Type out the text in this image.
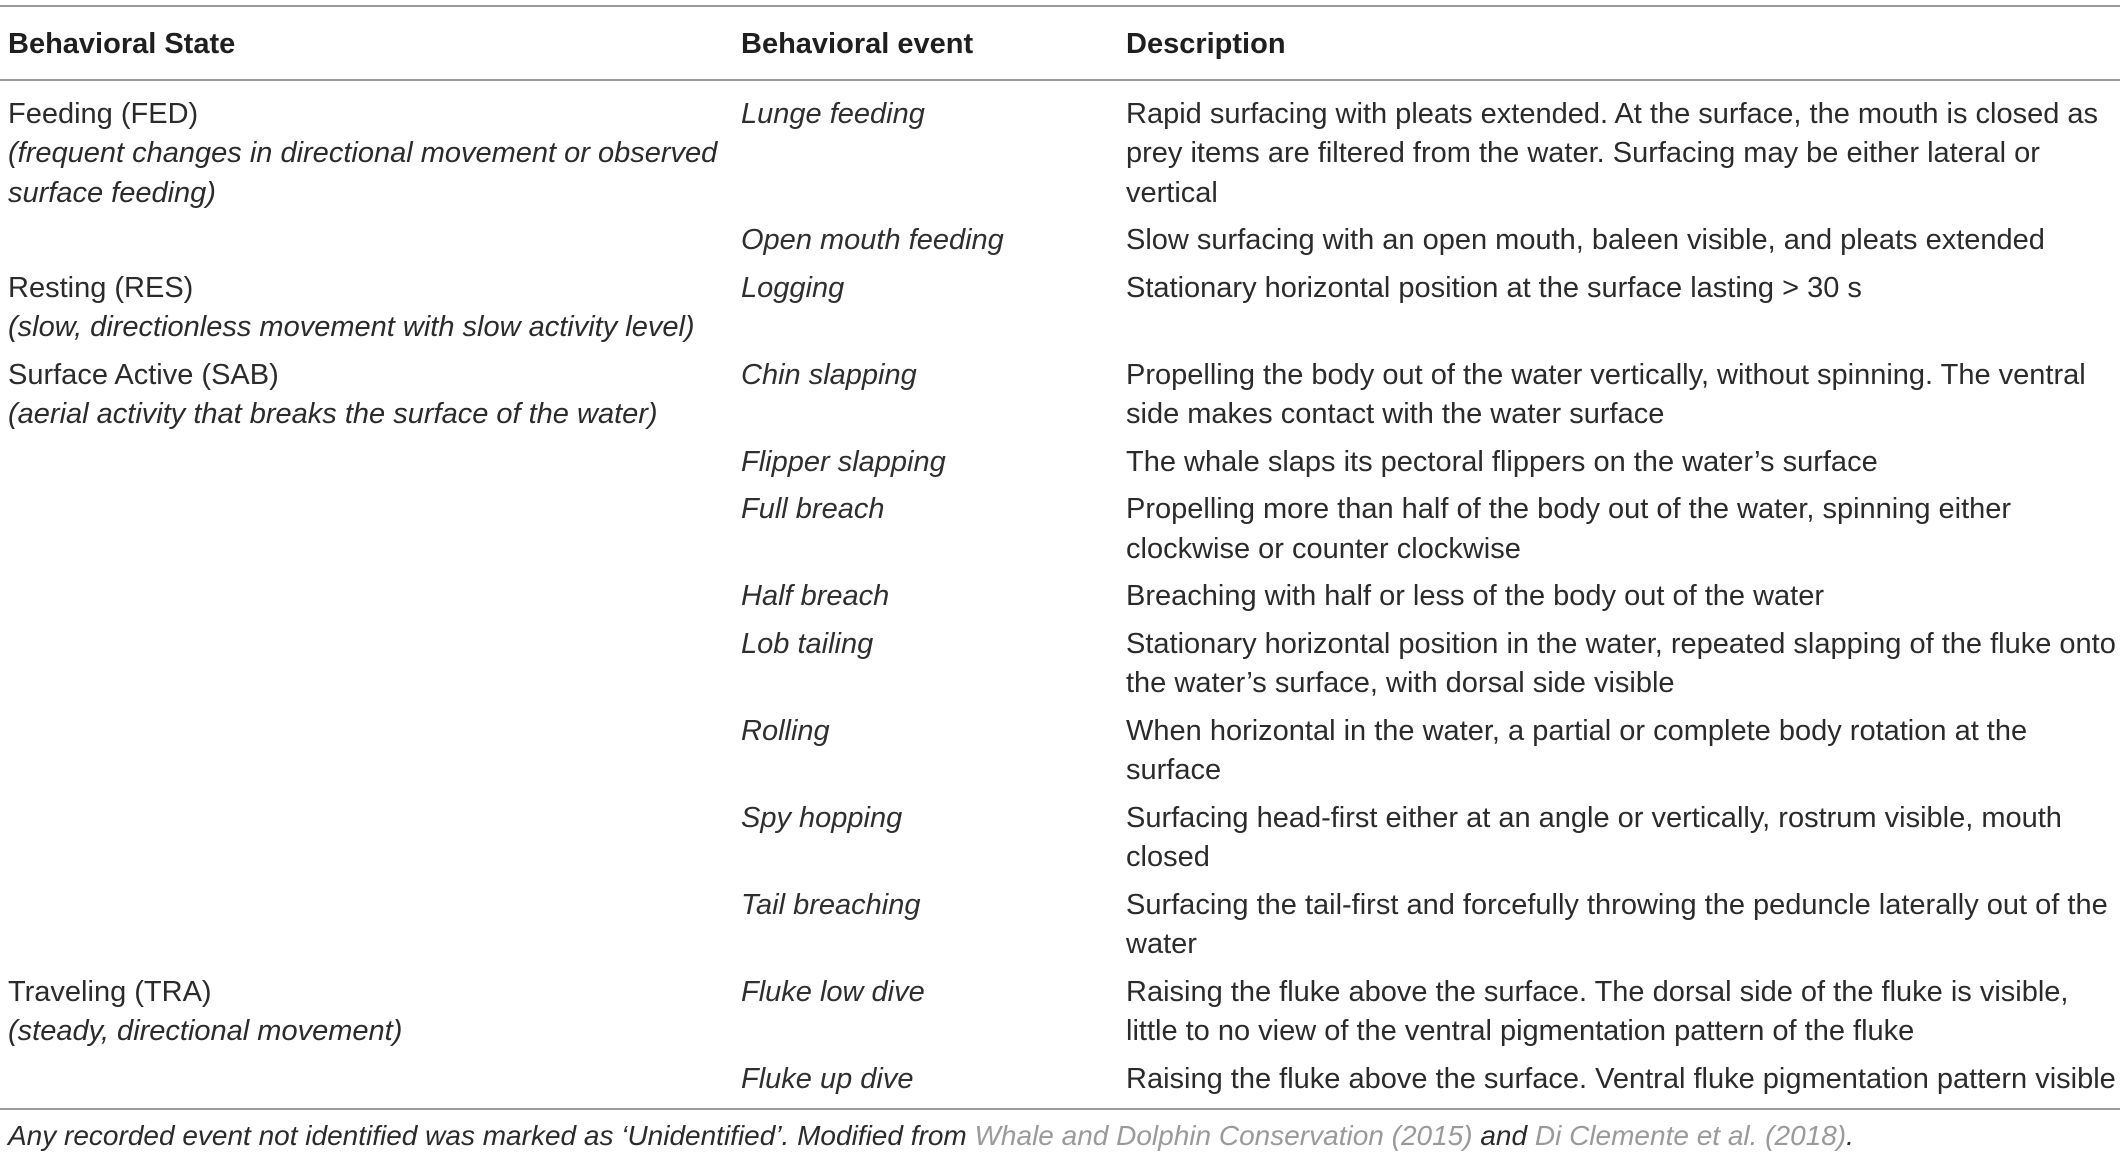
Behavioral State	Behavioral event	Description

Feeding (FED)
(frequent changes in directional movement or observed surface feeding)	Lunge feeding	Rapid surfacing with pleats extended. At the surface, the mouth is closed as prey items are filtered from the water. Surfacing may be either lateral or vertical
	Open mouth feeding	Slow surfacing with an open mouth, baleen visible, and pleats extended

Resting (RES)
(slow, directionless movement with slow activity level)	Logging	Stationary horizontal position at the surface lasting > 30 s

Surface Active (SAB)
(aerial activity that breaks the surface of the water)	Chin slapping	Propelling the body out of the water vertically, without spinning. The ventral side makes contact with the water surface
	Flipper slapping	The whale slaps its pectoral flippers on the water’s surface
	Full breach	Propelling more than half of the body out of the water, spinning either clockwise or counter clockwise
	Half breach	Breaching with half or less of the body out of the water
	Lob tailing	Stationary horizontal position in the water, repeated slapping of the fluke onto the water’s surface, with dorsal side visible
	Rolling	When horizontal in the water, a partial or complete body rotation at the surface
	Spy hopping	Surfacing head-first either at an angle or vertically, rostrum visible, mouth closed
	Tail breaching	Surfacing the tail-first and forcefully throwing the peduncle laterally out of the water

Traveling (TRA)
(steady, directional movement)	Fluke low dive	Raising the fluke above the surface. The dorsal side of the fluke is visible, little to no view of the ventral pigmentation pattern of the fluke
	Fluke up dive	Raising the fluke above the surface. Ventral fluke pigmentation pattern visible
Any recorded event not identified was marked as ‘Unidentified’. Modified from Whale and Dolphin Conservation (2015) and Di Clemente et al. (2018).
